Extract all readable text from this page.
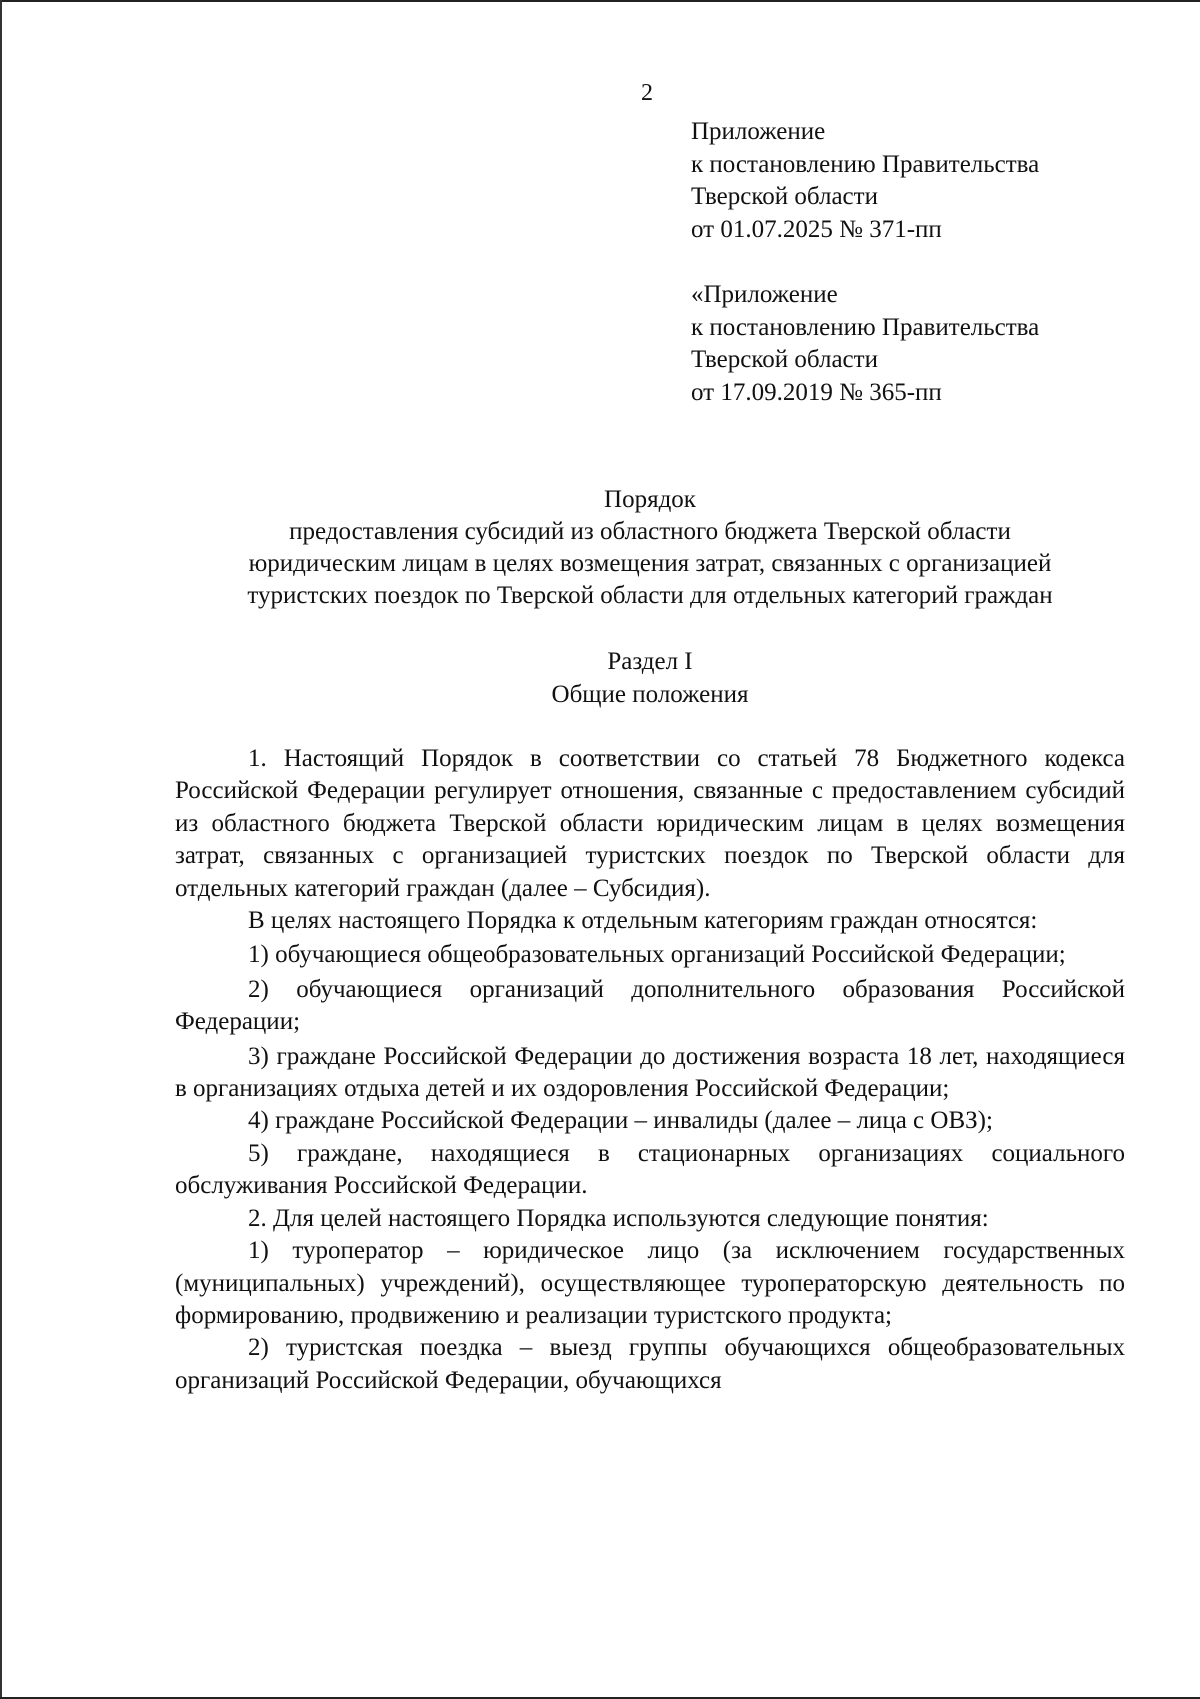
2
Приложение
к постановлению Правительства
Тверской области
от 01.07.2025 № 371-пп
«Приложение
к постановлению Правительства
Тверской области
от 17.09.2019 № 365-пп
Порядок
предоставления субсидий из областного бюджета Тверской области
юридическим лицам в целях возмещения затрат, связанных с организацией
туристских поездок по Тверской области для отдельных категорий граждан
Раздел I
Общие положения

1. Настоящий Порядок в соответствии со статьей 78 Бюджетного кодекса Российской Федерации регулирует отношения, связанные с предоставлением субсидий из областного бюджета Тверской области юридическим лицам в целях возмещения затрат, связанных с организацией туристских поездок по Тверской области для отдельных категорий граждан (далее – Субсидия).

В целях настоящего Порядка к отдельным категориям граждан относятся:

1) обучающиеся общеобразовательных организаций Российской Федерации;

2) обучающиеся организаций дополнительного образования Российской Федерации;

3) граждане Российской Федерации до достижения возраста 18 лет, находящиеся в организациях отдыха детей и их оздоровления Российской Федерации;

4) граждане Российской Федерации – инвалиды (далее – лица с ОВЗ);

5) граждане, находящиеся в стационарных организациях социального обслуживания Российской Федерации.

2. Для целей настоящего Порядка используются следующие понятия:

1) туроператор – юридическое лицо (за исключением государственных (муниципальных) учреждений), осуществляющее туроператорскую деятельность по формированию, продвижению и реализации туристского продукта;

2) туристская поездка – выезд группы обучающихся общеобразовательных организаций Российской Федерации, обучающихся
